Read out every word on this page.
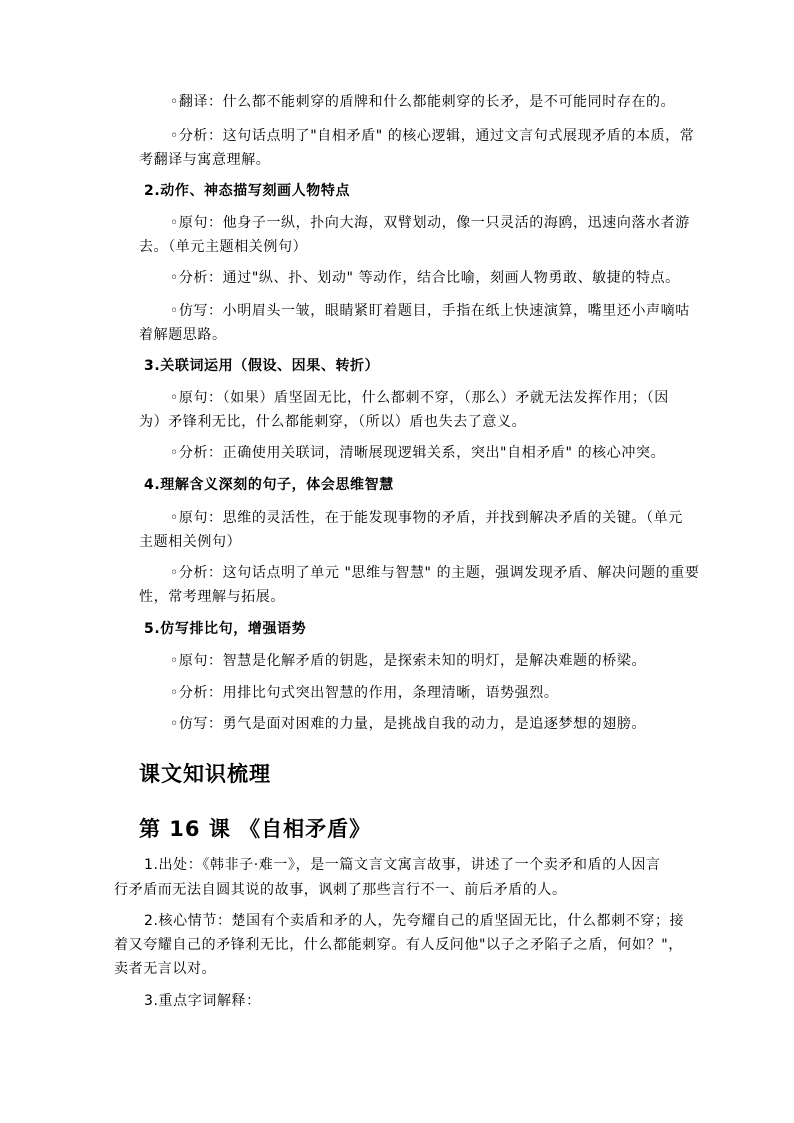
◦翻译：什么都不能刺穿的盾牌和什么都能刺穿的长矛，是不可能同时存在的。
◦分析：这句话点明了"自相矛盾" 的核心逻辑，通过文言句式展现矛盾的本质，常
考翻译与寓意理解。
2.动作、神态描写刻画人物特点
◦原句：他身子一纵，扑向大海，双臂划动，像一只灵活的海鸥，迅速向落水者游
去。（单元主题相关例句）
◦分析：通过"纵、扑、划动" 等动作，结合比喻，刻画人物勇敢、敏捷的特点。
◦仿写：小明眉头一皱，眼睛紧盯着题目，手指在纸上快速演算，嘴里还小声嘀咕
着解题思路。
3.关联词运用（假设、因果、转折）
◦原句：（如果）盾坚固无比，什么都刺不穿，（那么）矛就无法发挥作用；（因
为）矛锋利无比，什么都能刺穿，（所以）盾也失去了意义。
◦分析：正确使用关联词，清晰展现逻辑关系，突出"自相矛盾" 的核心冲突。
4.理解含义深刻的句子，体会思维智慧
◦原句：思维的灵活性，在于能发现事物的矛盾，并找到解决矛盾的关键。（单元
主题相关例句）
◦分析：这句话点明了单元 "思维与智慧" 的主题，强调发现矛盾、解决问题的重要
性，常考理解与拓展。
5.仿写排比句，增强语势
◦原句：智慧是化解矛盾的钥匙，是探索未知的明灯，是解决难题的桥梁。
◦分析：用排比句式突出智慧的作用，条理清晰，语势强烈。
◦仿写：勇气是面对困难的力量，是挑战自我的动力，是追逐梦想的翅膀。
课文知识梳理
第 16 课 《自相矛盾》
1.出处：《韩非子·难一》，是一篇文言文寓言故事，讲述了一个卖矛和盾的人因言
行矛盾而无法自圆其说的故事，讽刺了那些言行不一、前后矛盾的人。
2.核心情节：楚国有个卖盾和矛的人，先夸耀自己的盾坚固无比，什么都刺不穿；接
着又夸耀自己的矛锋利无比，什么都能刺穿。有人反问他"以子之矛陷子之盾，何如？"，
卖者无言以对。
3.重点字词解释：
